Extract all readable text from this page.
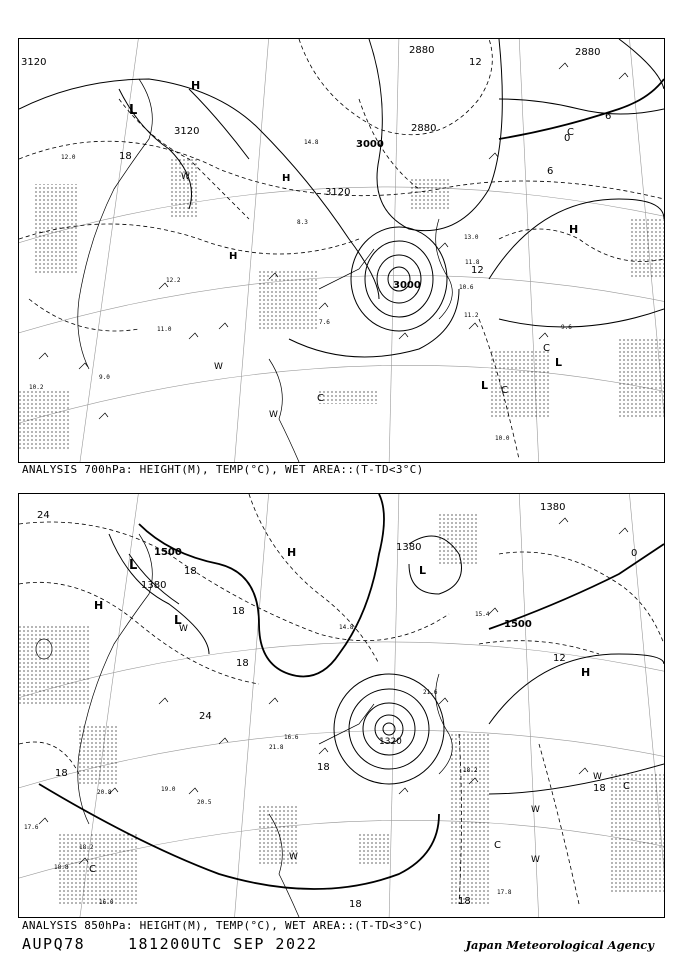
H
L
H
H
H
L
L
W
W
W
C
C
C
C
3120
3120
3120
3000
3000
2880
2880
2880
18
12
12
6
0
6
12.0
10.2
9.0
11.0
12.2
14.8
10.6
11.2
9.6
10.0
11.8
13.0
8.3
7.6
ANALYSIS 700hPa: HEIGHT(M), TEMP(°C), WET AREA::(T-TD<3°C)
L
H
L
H
H
L
W
W
W
W
W
C
C
C
1500
1500
1380
1380
1380
1320
24
24
18
18
18
18
18
18
12
0
18
18
20.8
18.2
19.0
20.5
17.6
16.0
18.8
21.8
14.8
17.8
18.2
21.6
15.4
16.6
ANALYSIS 850hPa: HEIGHT(M), TEMP(°C), WET AREA::(T-TD<3°C)
AUPQ78	181200UTC SEP 2022	Japan Meteorological Agency
